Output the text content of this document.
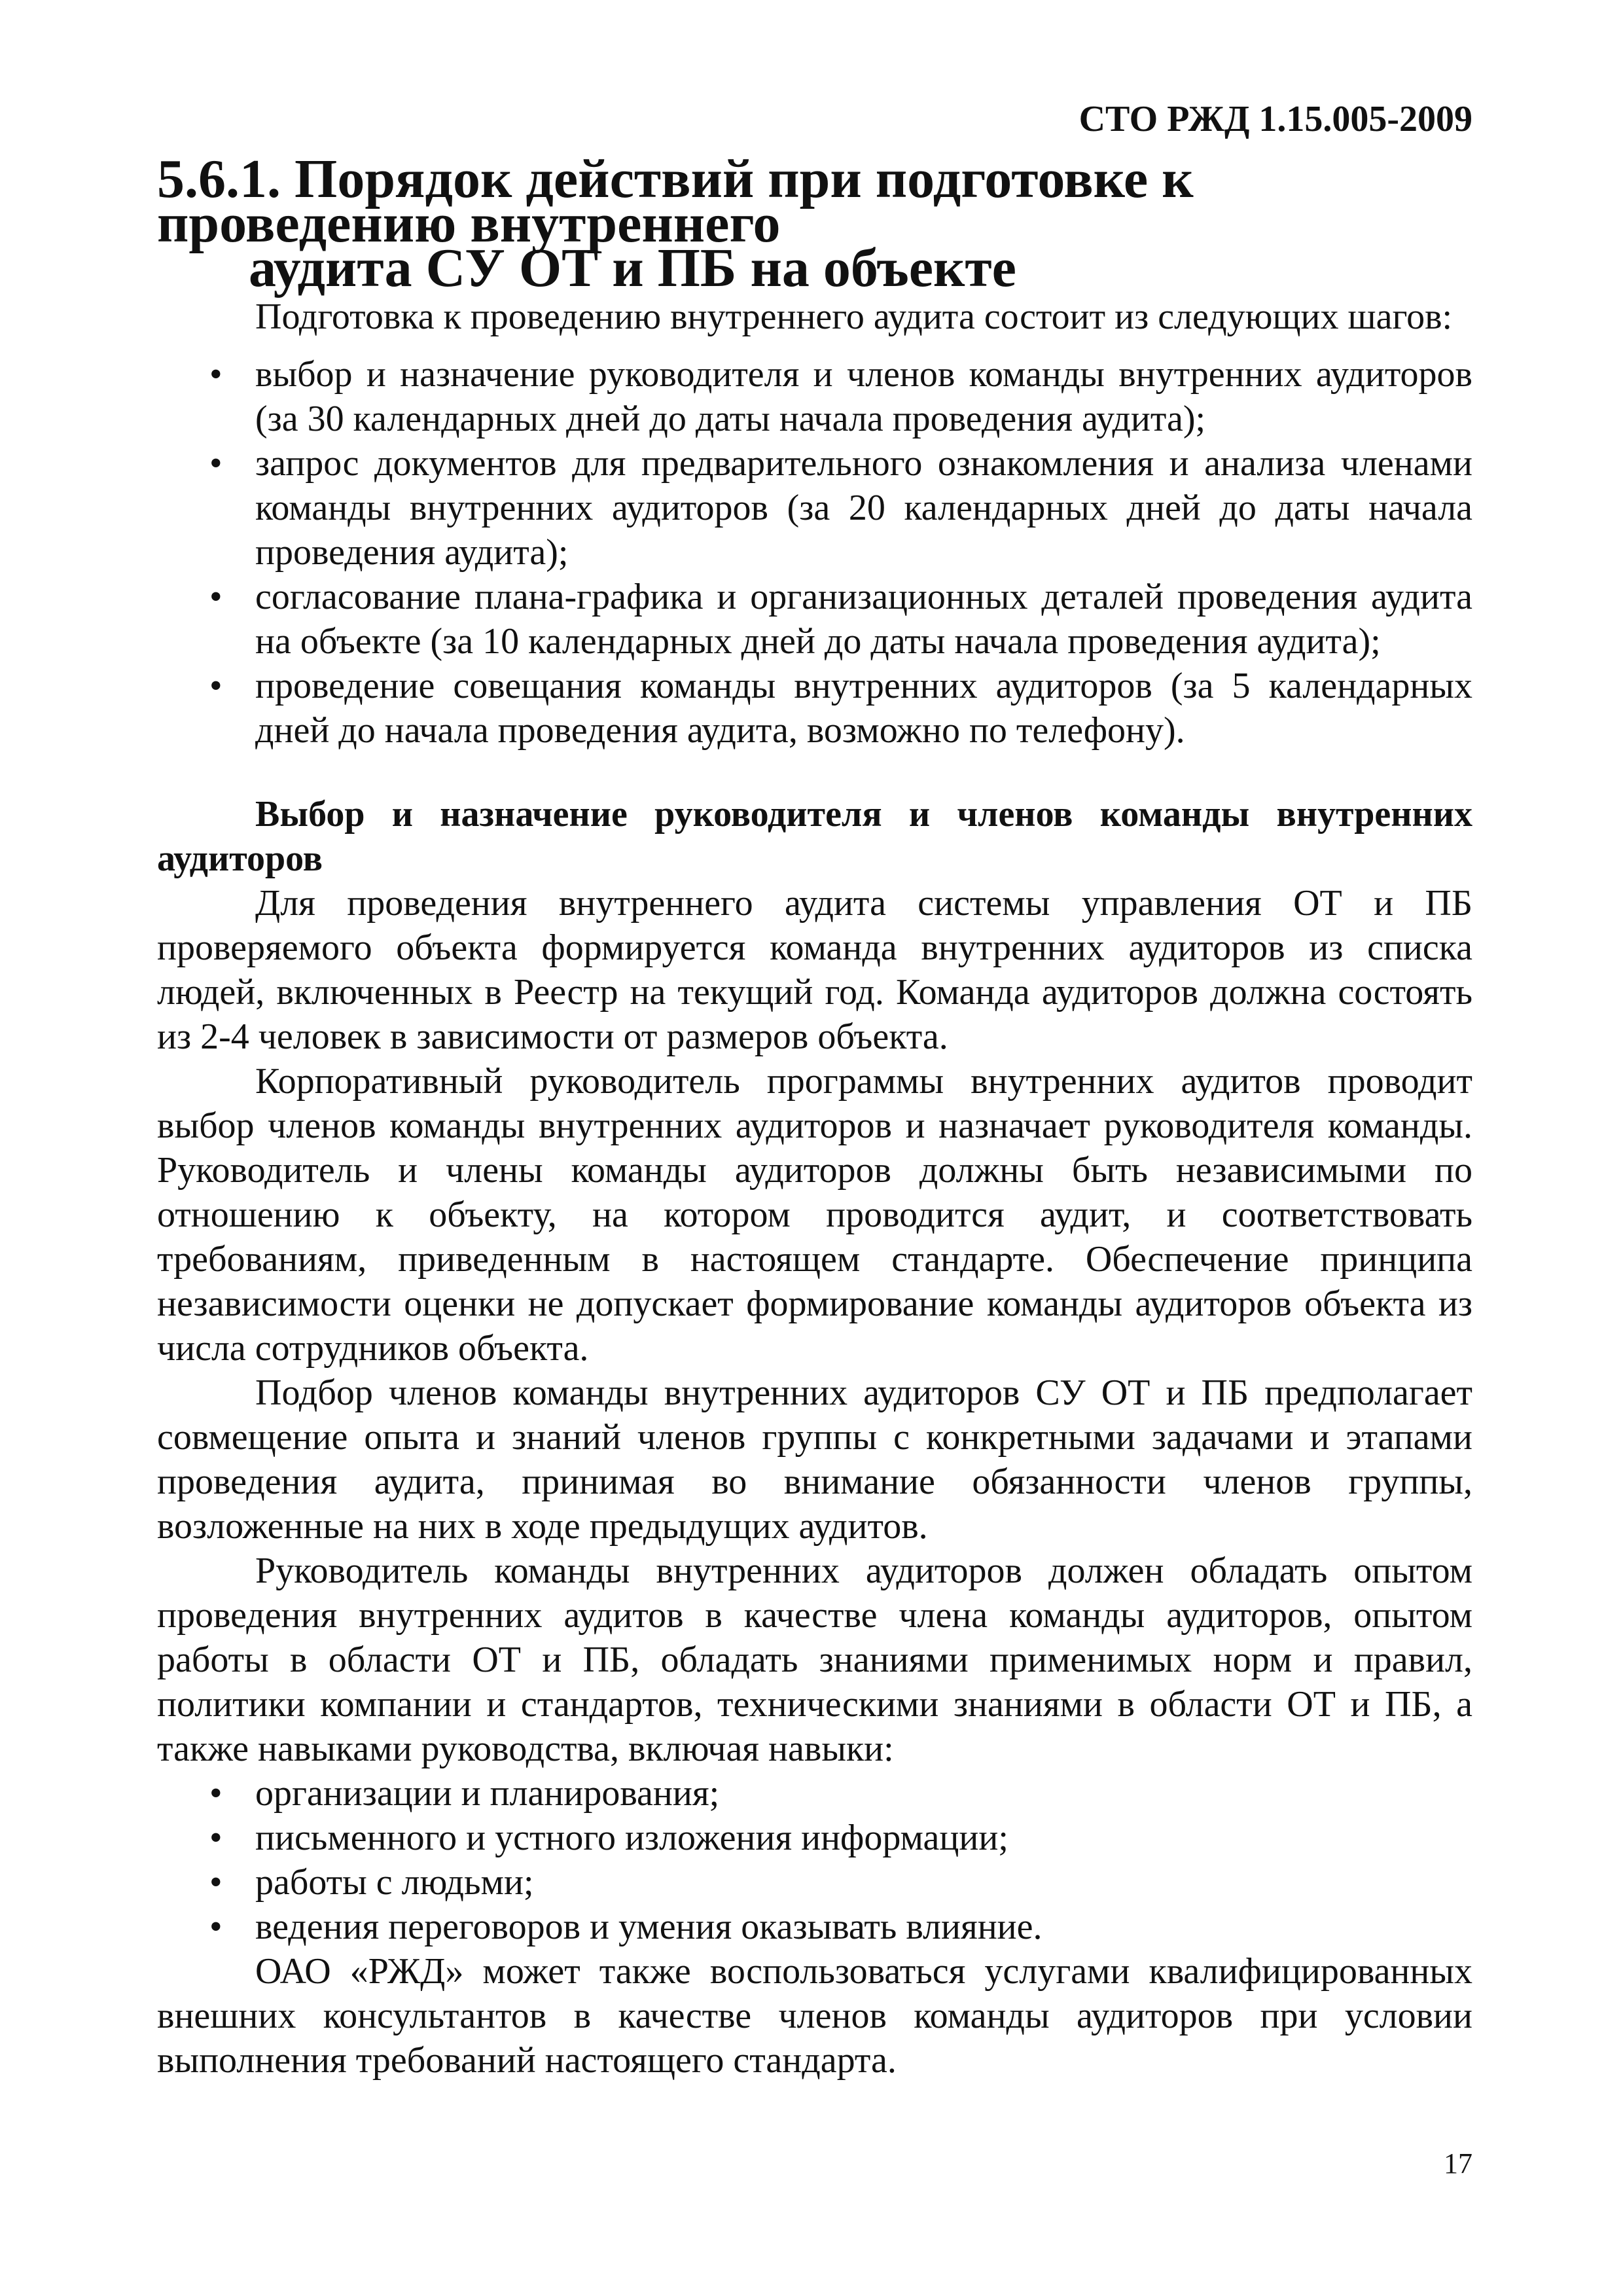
СТО РЖД 1.15.005-2009
5.6.1. Порядок действий при подготовке к проведению внутреннего
аудита СУ ОТ и ПБ на объекте

Подготовка к проведению внутреннего аудита состоит из следующих шагов:

• выбор и назначение руководителя и членов команды внутренних аудиторов (за 30 календарных дней до даты начала проведения аудита);
• запрос документов для предварительного ознакомления и анализа членами команды внутренних аудиторов (за 20 календарных дней до даты начала проведения аудита);
• согласование плана-графика и организационных деталей проведения аудита на объекте (за 10 календарных дней до даты начала проведения аудита);
• проведение совещания команды внутренних аудиторов (за 5 календарных дней до начала проведения аудита, возможно по телефону).

Выбор и назначение руководителя и членов команды внутренних аудиторов

Для проведения внутреннего аудита системы управления ОТ и ПБ проверяемого объекта формируется команда внутренних аудиторов из списка людей, включенных в Реестр на текущий год. Команда аудиторов должна состоять из 2-4 человек в зависимости от размеров объекта.

Корпоративный руководитель программы внутренних аудитов проводит выбор членов команды внутренних аудиторов и назначает руководителя команды. Руководитель и члены команды аудиторов должны быть независимыми по отношению к объекту, на котором проводится аудит, и соответствовать требованиям, приведенным в настоящем стандарте. Обеспечение принципа независимости оценки не допускает формирование команды аудиторов объекта из числа сотрудников объекта.

Подбор членов команды внутренних аудиторов СУ ОТ и ПБ предполагает совмещение опыта и знаний членов группы с конкретными задачами и этапами проведения аудита, принимая во внимание обязанности членов группы, возложенные на них в ходе предыдущих аудитов.

Руководитель команды внутренних аудиторов должен обладать опытом проведения внутренних аудитов в качестве члена команды аудиторов, опытом работы в области ОТ и ПБ, обладать знаниями применимых норм и правил, политики компании и стандартов, техническими знаниями в области ОТ и ПБ, а также навыками руководства, включая навыки:

• организации и планирования;
• письменного и устного изложения информации;
• работы с людьми;
• ведения переговоров и умения оказывать влияние.

ОАО «РЖД» может также воспользоваться услугами квалифицированных внешних консультантов в качестве членов команды аудиторов при условии выполнения требований настоящего стандарта.

17
